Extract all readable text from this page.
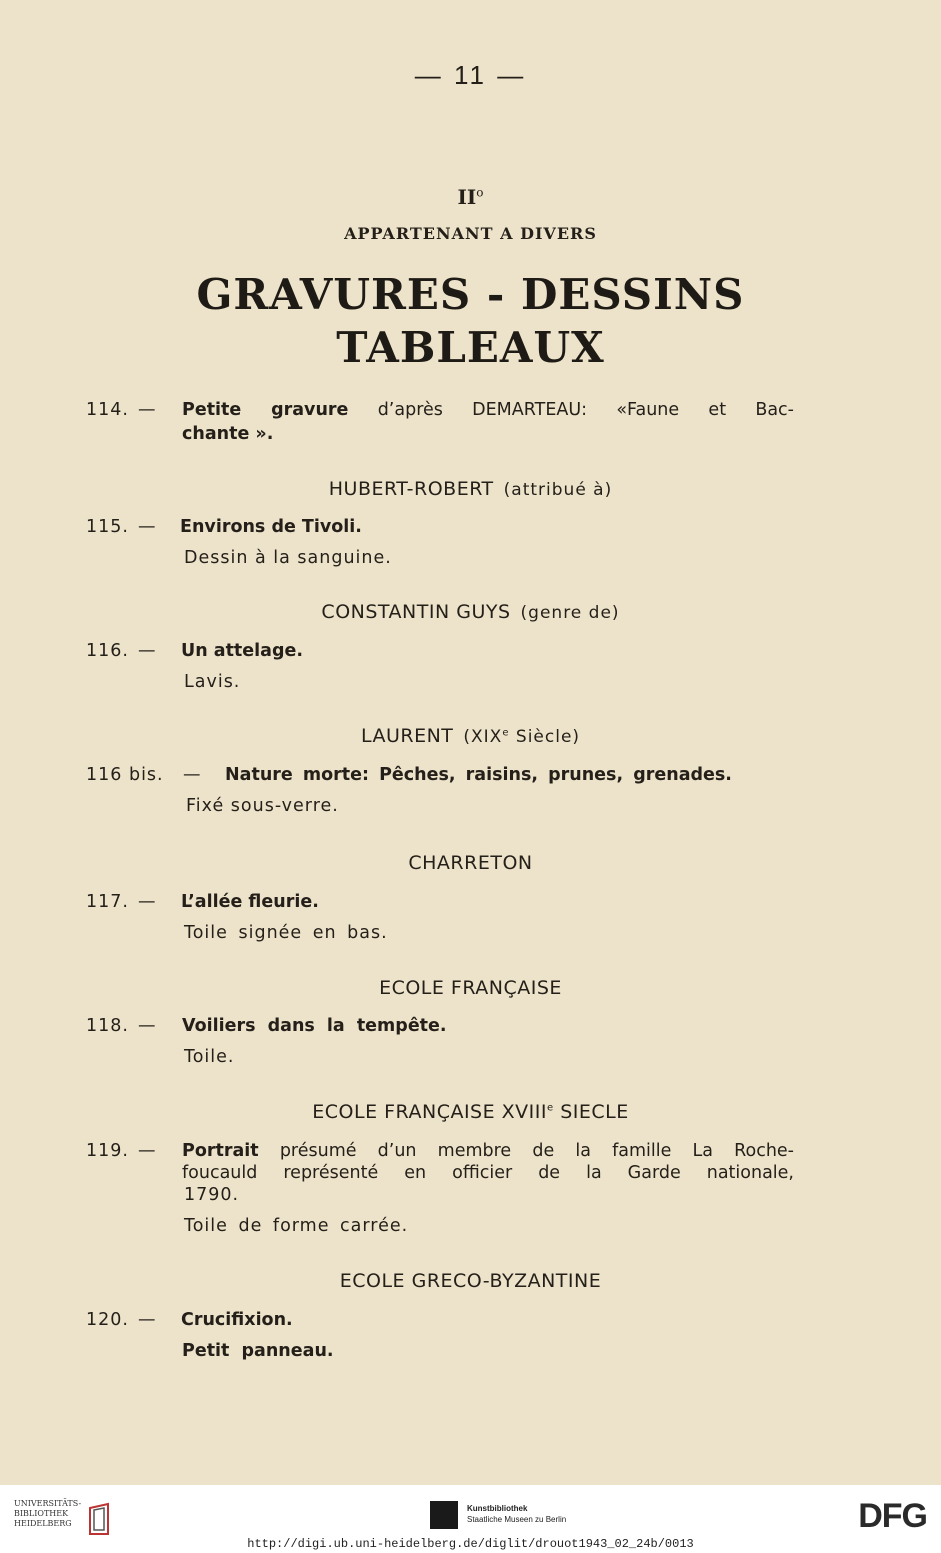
— 11 —
$II^o$
APPARTENANT A DIVERS
GRAVURES - DESSINS
TABLEAUX
114. — Petite gravure d’après DEMARTEAU: «Faune et Bac-
chante ».
HUBERT-ROBERT (attribué à)
115. — Environs de Tivoli.
Dessin à la sanguine.
CONSTANTIN GUYS (genre de)
116. — Un attelage.
Lavis.
LAURENT (XIXe Siècle)
116 bis. — Nature morte: Pêches, raisins, prunes, grenades.
Fixé sous-verre.
CHARRETON
117. — L’allée fleurie.
Toile signée en bas.
ECOLE FRANÇAISE
118. — Voiliers dans la tempête.
Toile.
ECOLE FRANÇAISE XVIIIe SIECLE
119. — Portrait présumé d’un membre de la famille La Roche-
foucauld représenté en officier de la Garde nationale,
1790.
Toile de forme carrée.
ECOLE GRECO-BYZANTINE
120. — Crucifixion.
Petit panneau.
UNIVERSITÄTS-
BIBLIOTHEK
HEIDELBERG
Kunstbibliothek
Staatliche Museen zu Berlin
http://digi.ub.uni-heidelberg.de/diglit/drouot1943_02_24b/0013
DFG
